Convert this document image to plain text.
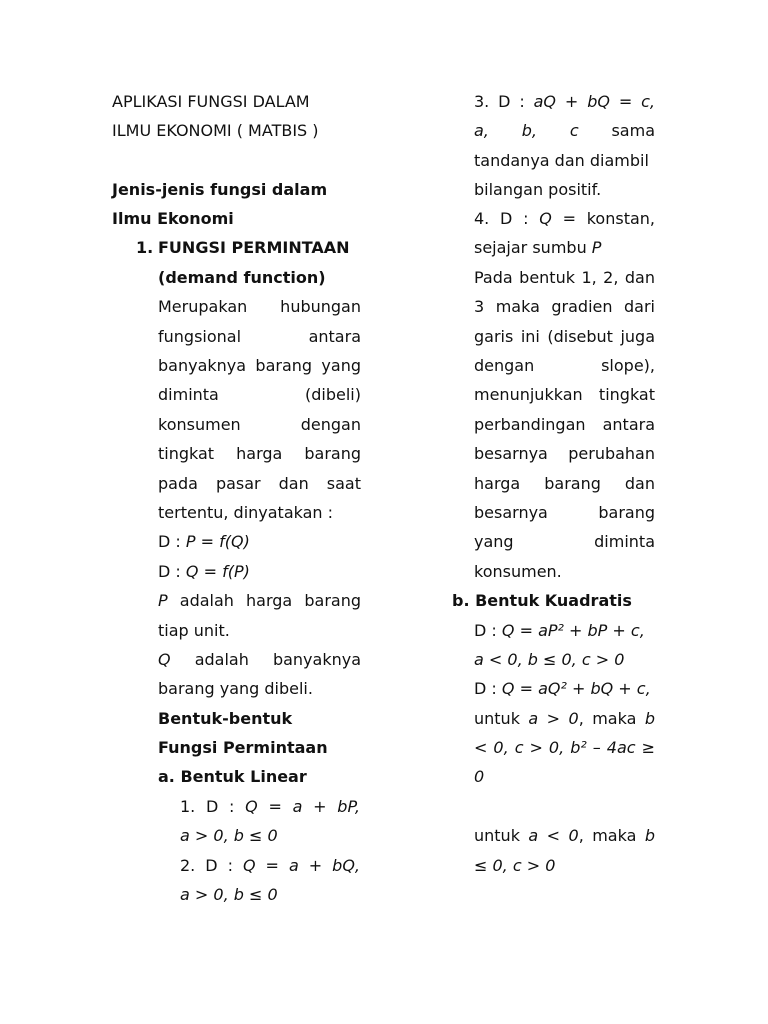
APLIKASI FUNGSI DALAM
ILMU EKONOMI ( MATBIS )
Jenis-jenis fungsi dalam
Ilmu Ekonomi
1. FUNGSI PERMINTAAN
(demand function)
Merupakan hubungan
fungsional antara
banyaknya barang yang
diminta (dibeli)
konsumen dengan
tingkat harga barang
pada pasar dan saat
tertentu, dinyatakan :
D : P = f(Q)
D : Q = f(P)
P adalah harga barang
tiap unit.
Q adalah banyaknya
barang yang dibeli.
Bentuk-bentuk
Fungsi Permintaan
a. Bentuk Linear
1. D : Q = a + bP,
a > 0, b ≤ 0
2. D : Q = a + bQ,
a > 0, b ≤ 0
3. D : aQ + bQ = c,
a, b, c sama
tandanya dan diambil
bilangan positif.
4. D : Q = konstan,
sejajar sumbu P
Pada bentuk 1, 2, dan
3 maka gradien dari
garis ini (disebut juga
dengan slope),
menunjukkan tingkat
perbandingan antara
besarnya perubahan
harga barang dan
besarnya barang
yang diminta
konsumen.
b. Bentuk Kuadratis
D : Q = aP² + bP + c,
a < 0, b ≤ 0, c > 0
D : Q = aQ² + bQ + c,
untuk a > 0, maka b
< 0, c > 0, b² – 4ac ≥
0
untuk a < 0, maka b
≤ 0, c > 0
